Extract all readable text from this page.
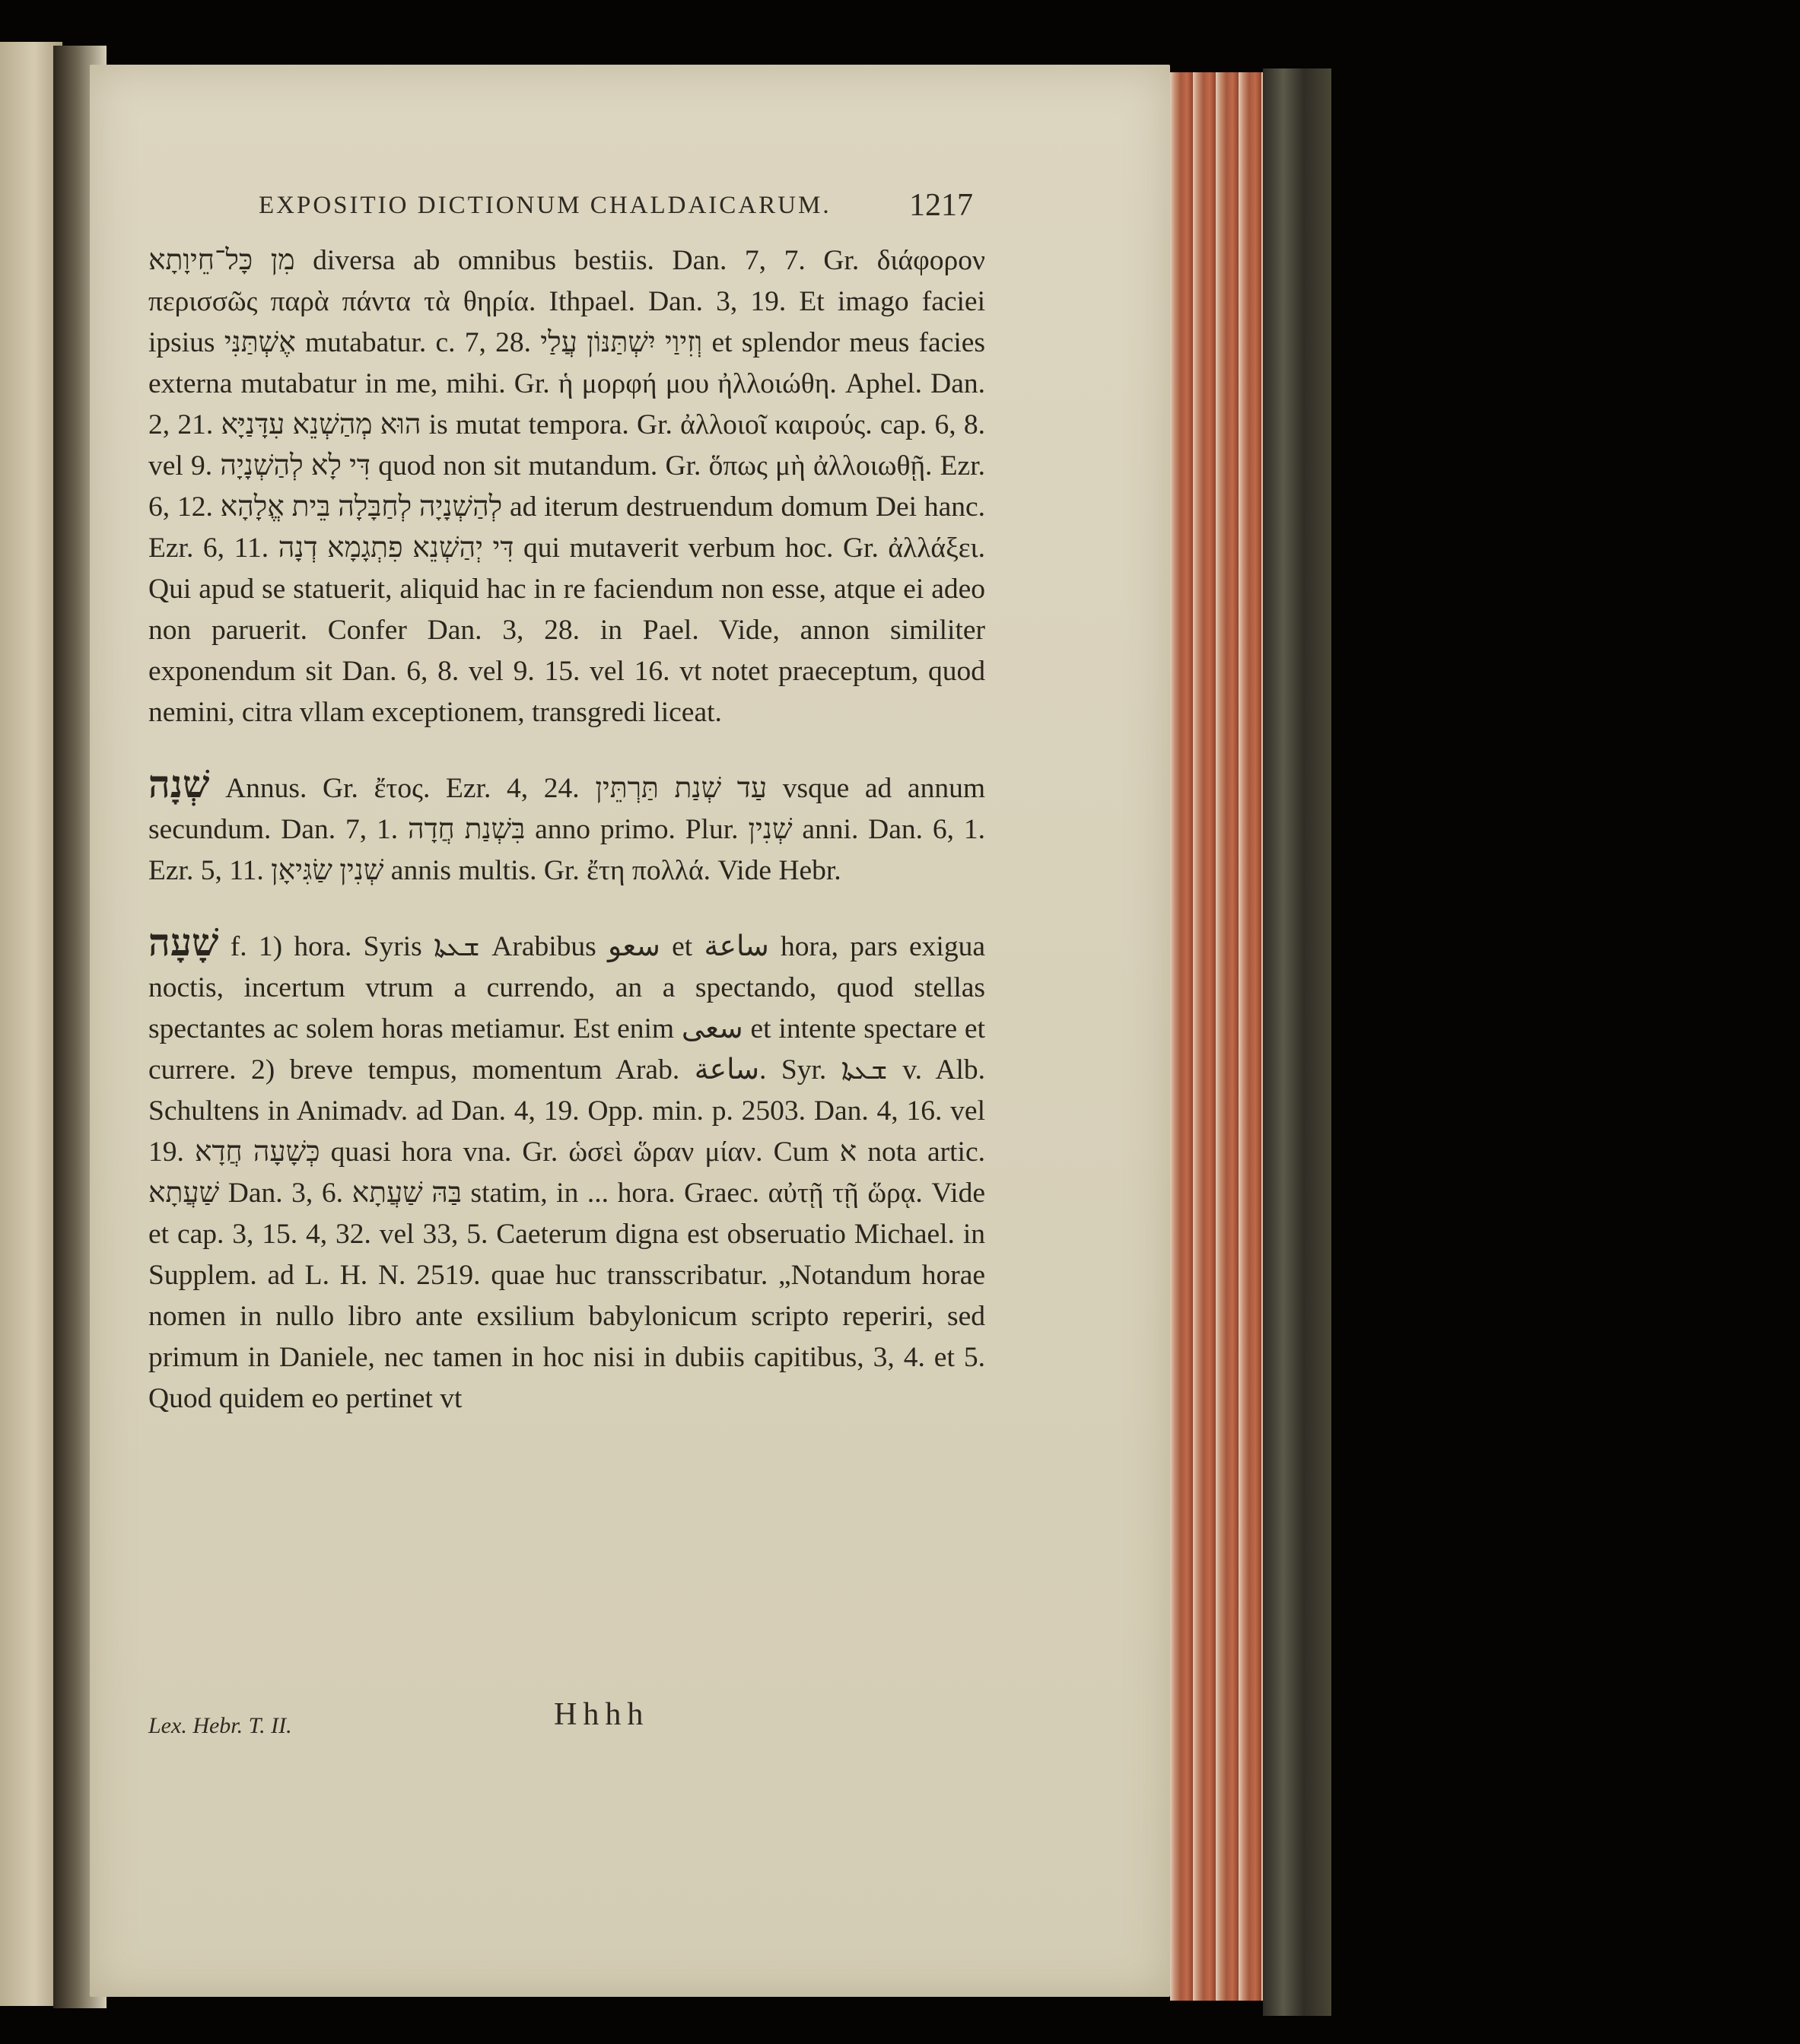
EXPOSITIO DICTIONUM CHALDAICARUM.	1217

מִן כָּל־חֵיוָתָא diversa ab omnibus bestiis. Dan. 7, 7. Gr. διάφορον περισσῶς παρὰ πάντα τὰ θηρία. Ithpael. Dan. 3, 19. Et imago faciei ipsius אֶשְׁתַּנִּי mutabatur. c. 7, 28. וְזִיוַי יִשְׁתַּנּוֹן עֲלַי et splendor meus facies externa mutabatur in me, mihi. Gr. ἡ μορφή μου ἠλλοιώθη. Aphel. Dan. 2, 21. הוּא מְהַשְׁנֵא עִדָּנַיָּא is mutat tempora. Gr. ἀλλοιοῖ καιρούς. cap. 6, 8. vel 9. דִּי לָא לְהַשְׁנָיָה quod non sit mutandum. Gr. ὅπως μὴ ἀλλοιωθῇ. Ezr. 6, 12. לְהַשְׁנָיָה לְחַבָּלָה בֵּית אֱלָהָא ad iterum destruendum domum Dei hanc. Ezr. 6, 11. דִּי יְהַשְׁנֵא פִתְגָמָא דְנָה qui mutaverit verbum hoc. Gr. ἀλλάξει. Qui apud se statuerit, aliquid hac in re faciendum non esse, atque ei adeo non paruerit. Confer Dan. 3, 28. in Pael. Vide, annon similiter exponendum sit Dan. 6, 8. vel 9. 15. vel 16. vt notet praeceptum, quod nemini, citra vllam exceptionem, transgredi liceat.

שְׁנָה Annus. Gr. ἔτος. Ezr. 4, 24. עַד שְׁנַת תַּרְתֵּין vsque ad annum secundum. Dan. 7, 1. בִּשְׁנַת חֲדָה anno primo. Plur. שְׁנִין anni. Dan. 6, 1. Ezr. 5, 11. שְׁנִין שַׂגִּיאָן annis multis. Gr. ἔτη πολλά. Vide Hebr.

שָׁעָה f. 1) hora. Syris ܫܥܬܐ Arabibus سعو et ساعة hora, pars exigua noctis, incertum vtrum a currendo, an a spectando, quod stellas spectantes ac solem horas metiamur. Est enim سعى et intente spectare et currere. 2) breve tempus, momentum Arab. ساعة. Syr. ܫܥܬܐ v. Alb. Schultens in Animadv. ad Dan. 4, 19. Opp. min. p. 2503. Dan. 4, 16. vel 19. כְּשָׁעָה חֲדָא quasi hora vna. Gr. ὡσεὶ ὥραν μίαν. Cum א nota artic. שַׁעֲתָא Dan. 3, 6. בַּהּ שַׁעֲתָא statim, in ... hora. Graec. αὐτῇ τῇ ὥρᾳ. Vide et cap. 3, 15. 4, 32. vel 33, 5. Caeterum digna est obseruatio Michael. in Supplem. ad L. H. N. 2519. quae huc transscribatur. „Notandum horae nomen in nullo libro ante exsilium babylonicum scripto reperiri, sed primum in Daniele, nec tamen in hoc nisi in dubiis capitibus, 3, 4. et 5. Quod quidem eo pertinet vt

Lex. Hebr. T. II.	Hhhh
